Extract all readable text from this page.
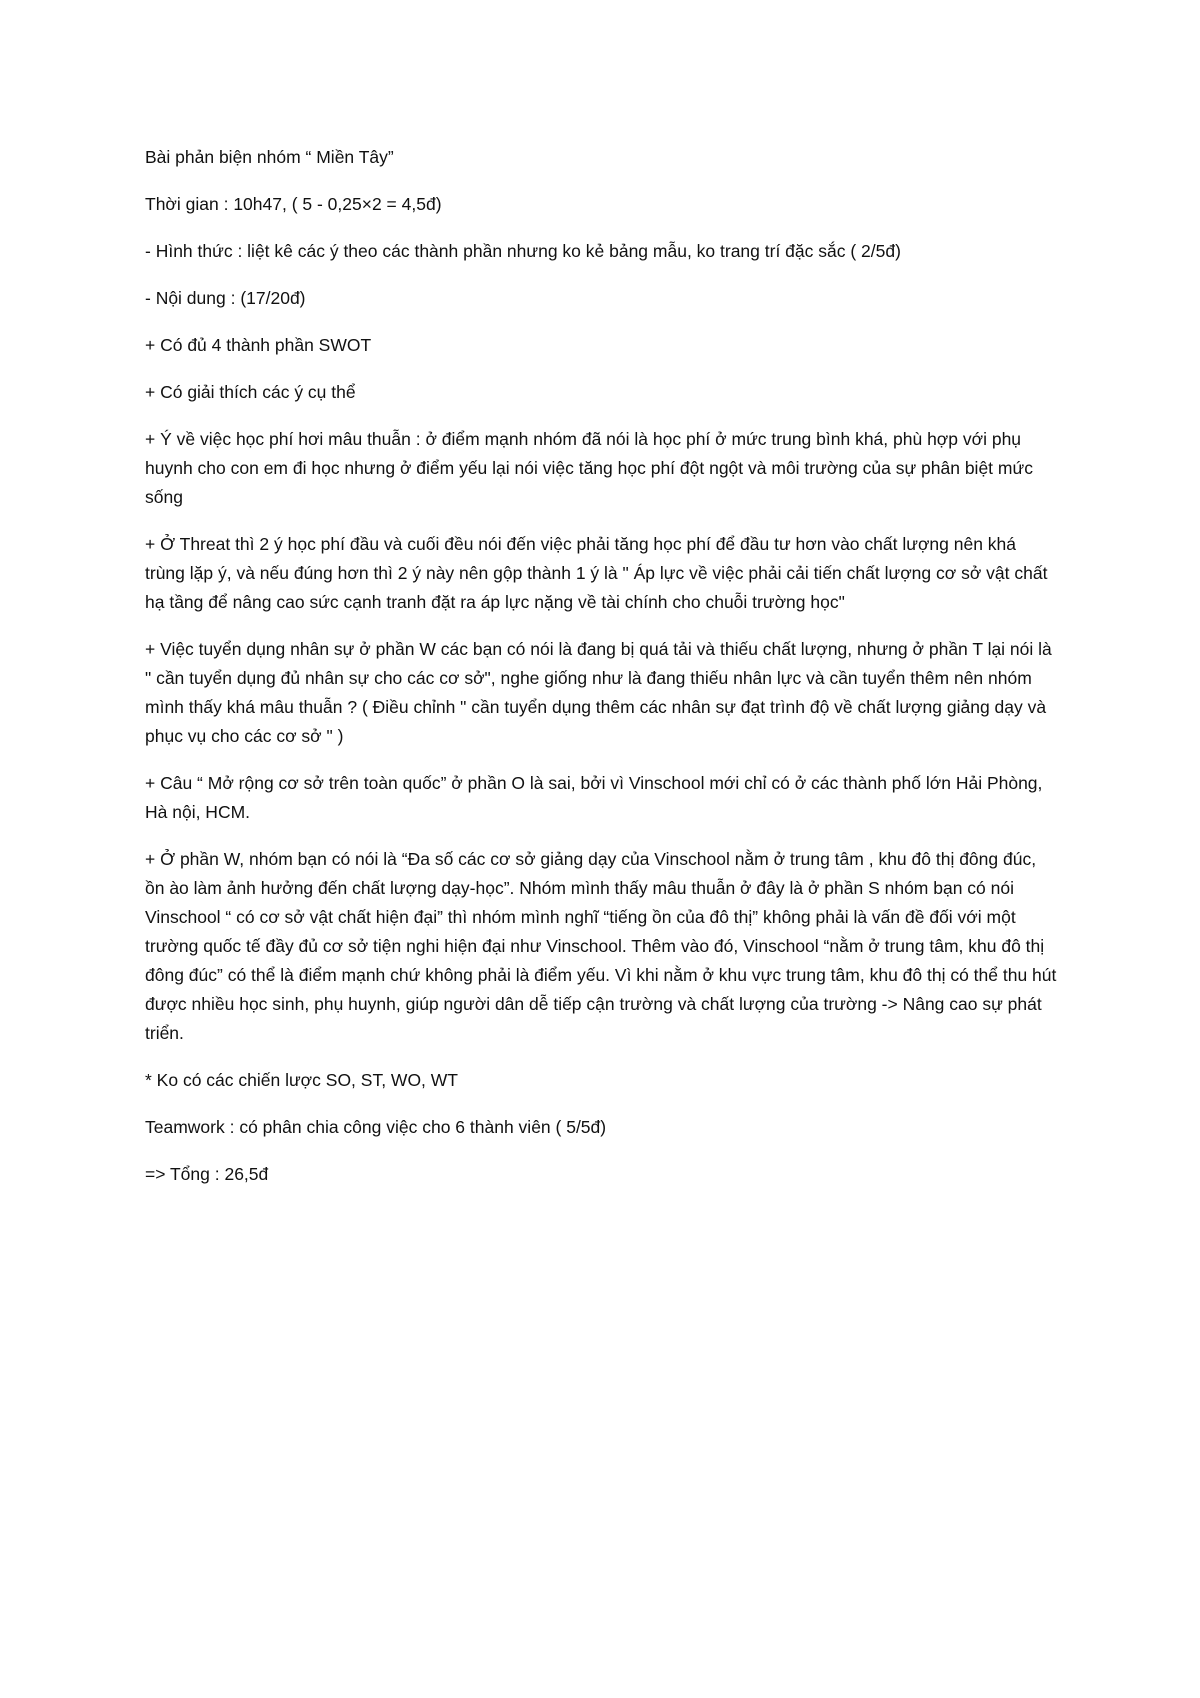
Bài phản biện nhóm “ Miền Tây”

Thời gian : 10h47, ( 5 - 0,25×2 = 4,5đ)

- Hình thức : liệt kê các ý theo các thành phần nhưng ko kẻ bảng mẫu, ko trang trí đặc sắc ( 2/5đ)

- Nội dung : (17/20đ)

+ Có đủ 4 thành phần SWOT

+ Có giải thích các ý cụ thể

+ Ý về việc học phí hơi mâu thuẫn : ở điểm mạnh nhóm đã nói là học phí ở mức trung bình khá, phù hợp với phụ huynh cho con em đi học nhưng ở điểm yếu lại nói việc tăng học phí đột ngột và môi trường của sự phân biệt mức sống

+ Ở Threat thì 2 ý học phí đầu và cuối đều nói đến việc phải tăng học phí để đầu tư hơn vào chất lượng nên khá trùng lặp ý, và nếu đúng hơn thì 2 ý này nên gộp thành 1 ý là " Áp lực về việc phải cải tiến chất lượng cơ sở vật chất hạ tầng để nâng cao sức cạnh tranh đặt ra áp lực nặng về tài chính cho chuỗi trường học"

+ Việc tuyển dụng nhân sự ở phần W các bạn có nói là đang bị quá tải và thiếu chất lượng, nhưng ở phần T lại nói là " cần tuyển dụng đủ nhân sự cho các cơ sở", nghe giống như là đang thiếu nhân lực và cần tuyển thêm nên nhóm mình thấy khá mâu thuẫn ? ( Điều chỉnh " cần tuyển dụng thêm các nhân sự đạt trình độ về chất lượng giảng dạy và phục vụ cho các cơ sở " )

+ Câu “ Mở rộng cơ sở trên toàn quốc” ở phần O là sai, bởi vì Vinschool mới chỉ có ở các thành phố lớn Hải Phòng, Hà nội, HCM.

+ Ở phần W, nhóm bạn có nói là “Đa số các cơ sở giảng dạy của Vinschool nằm ở trung tâm , khu đô thị đông đúc, ồn ào làm ảnh hưởng đến chất lượng dạy-học”. Nhóm mình thấy mâu thuẫn ở đây là ở phần S nhóm bạn có nói Vinschool “ có cơ sở vật chất hiện đại” thì nhóm mình nghĩ “tiếng ồn của đô thị” không phải là vấn đề đối với một trường quốc tế đầy đủ cơ sở tiện nghi hiện đại như Vinschool. Thêm vào đó, Vinschool “nằm ở trung tâm, khu đô thị đông đúc” có thể là điểm mạnh chứ không phải là điểm yếu. Vì khi nằm ở khu vực trung tâm, khu đô thị có thể thu hút được nhiều học sinh, phụ huynh, giúp người dân dễ tiếp cận trường và chất lượng của trường -> Nâng cao sự phát triển.

* Ko có các chiến lược SO, ST, WO, WT

Teamwork : có phân chia công việc cho 6 thành viên ( 5/5đ)

=> Tổng : 26,5đ
